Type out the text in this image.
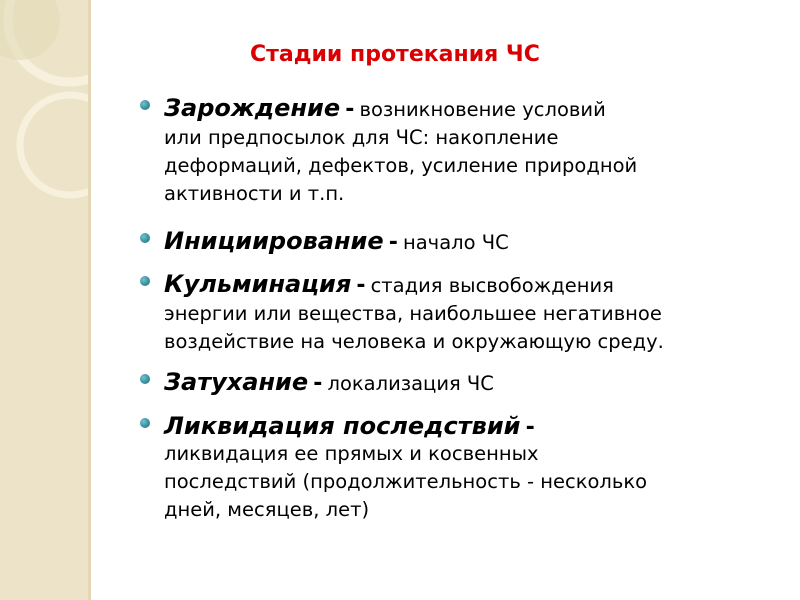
Стадии протекания ЧС
Зарождение - возникновение условий
или предпосылок для ЧС: накопление
деформаций, дефектов, усиление природной
активности и т.п.
Инициирование - начало ЧС
Кульминация - стадия высвобождения
энергии или вещества, наибольшее негативное
воздействие на человека и окружающую среду.
Затухание - локализация ЧС
Ликвидация последствий -
ликвидация ее прямых и косвенных
последствий (продолжительность - несколько
дней, месяцев, лет)
